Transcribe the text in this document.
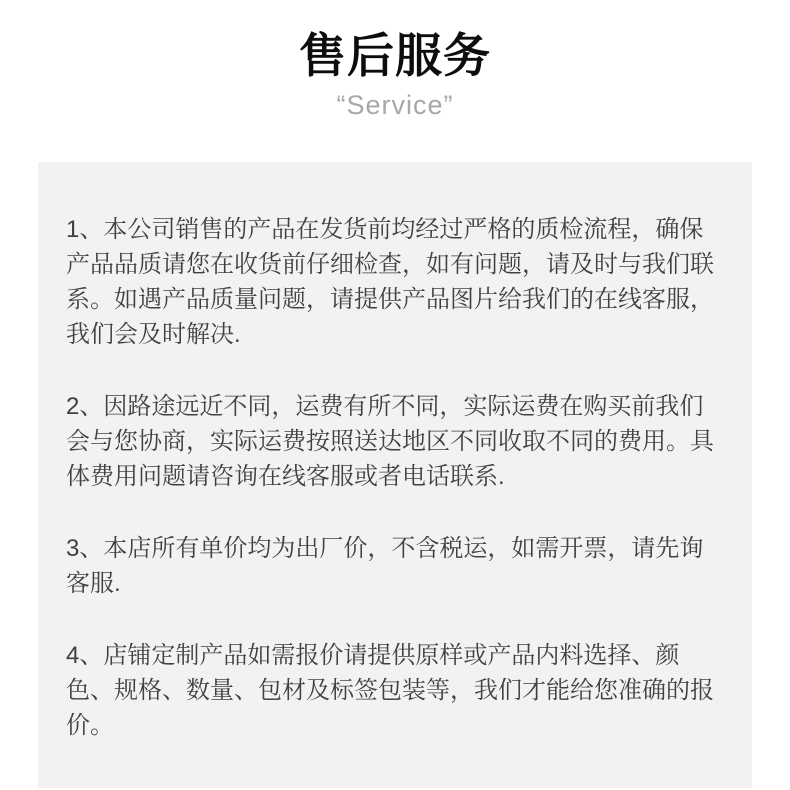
售后服务
“Service”

1、本公司销售的产品在发货前均经过严格的质检流程，确保产品品质请您在收货前仔细检查，如有问题，请及时与我们联系。如遇产品质量问题，请提供产品图片给我们的在线客服，我们会及时解决.

2、因路途远近不同，运费有所不同，实际运费在购买前我们会与您协商，实际运费按照送达地区不同收取不同的费用。具体费用问题请咨询在线客服或者电话联系.

3、本店所有单价均为出厂价，不含税运，如需开票，请先询客服.

4、店铺定制产品如需报价请提供原样或产品内料选择、颜色、规格、数量、包材及标签包装等，我们才能给您准确的报价。
